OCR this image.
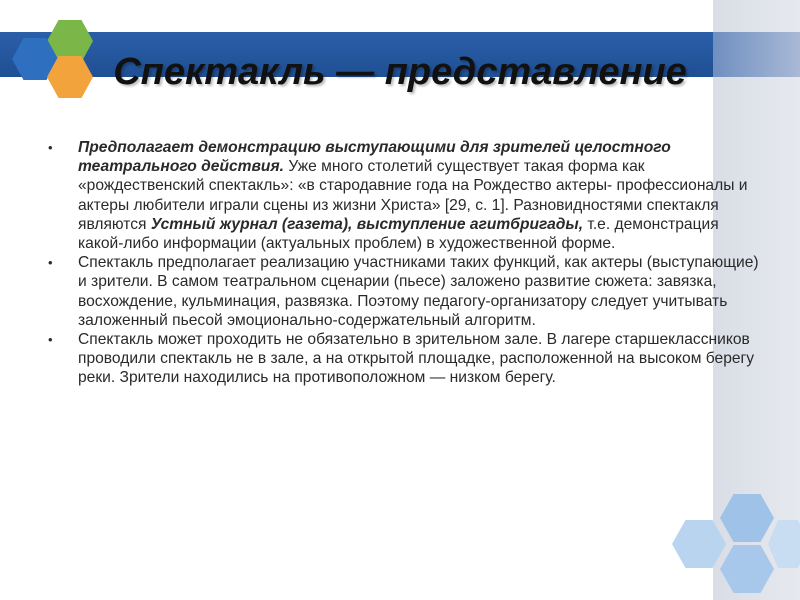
Спектакль — представление
• Предполагает демонстрацию выступающими для зрителей целостного театрального действия. Уже много столетий существует такая форма как «рождественский спектакль»: «в стародавние года на Рождество актеры- профессионалы и актеры любители играли сцены из жизни Христа» [29, с. 1]. Разновидностями спектакля являются Устный журнал (газета), выступление агитбригады, т.е. демонстрация какой-либо информации (актуальных проблем) в художественной форме.
• Спектакль предполагает реализацию участниками таких функций, как актеры (выступающие) и зрители. В самом театральном сценарии (пьесе) заложено развитие сюжета: завязка, восхождение, кульминация, развязка. Поэтому педагогу-организатору следует учитывать заложенный пьесой эмоционально-содержательный алгоритм.
• Спектакль может проходить не обязательно в зрительном зале. В лагере старшеклассников проводили спектакль не в зале, а на открытой площадке, расположенной на высоком берегу реки. Зрители находились на противоположном — низком берегу.
